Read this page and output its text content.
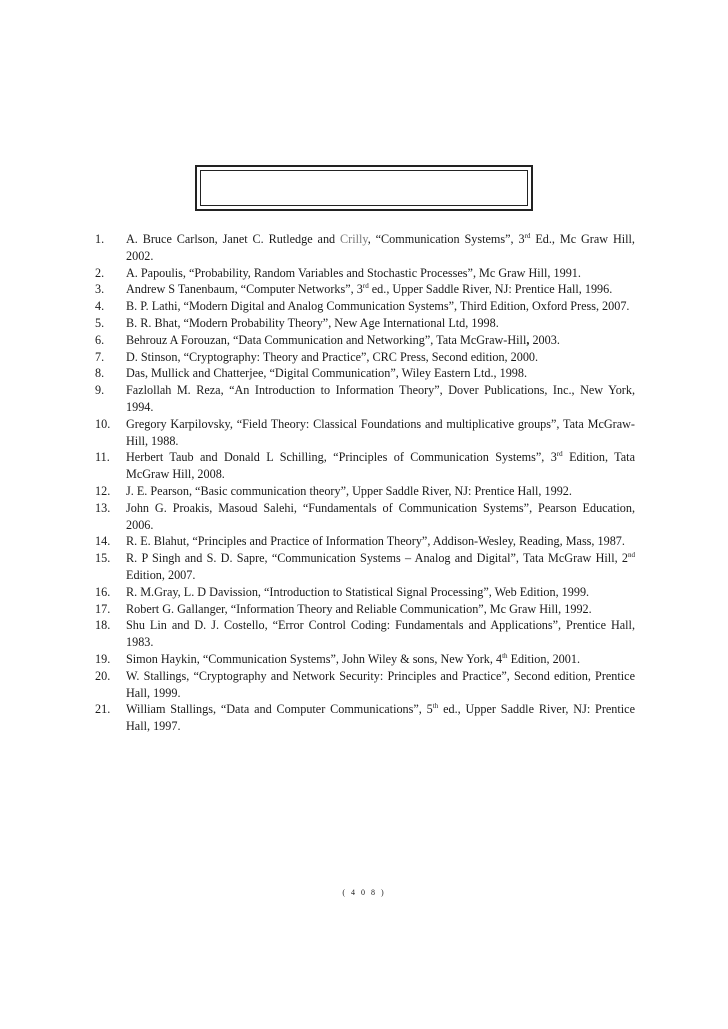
1. A. Bruce Carlson, Janet C. Rutledge and Crilly, “Communication Systems”, 3rd Ed., Mc Graw Hill, 2002.
2. A. Papoulis, “Probability, Random Variables and Stochastic Processes”, Mc Graw Hill, 1991.
3. Andrew S Tanenbaum, “Computer Networks”, 3rd ed., Upper Saddle River, NJ: Prentice Hall, 1996.
4. B. P. Lathi, “Modern Digital and Analog Communication Systems”, Third Edition, Oxford Press, 2007.
5. B. R. Bhat, “Modern Probability Theory”, New Age International Ltd, 1998.
6. Behrouz A Forouzan, “Data Communication and Networking”, Tata McGraw-Hill, 2003.
7. D. Stinson, “Cryptography: Theory and Practice”, CRC Press, Second edition, 2000.
8. Das, Mullick and Chatterjee, “Digital Communication”, Wiley Eastern Ltd., 1998.
9. Fazlollah M. Reza, “An Introduction to Information Theory”, Dover Publications, Inc., New York, 1994.
10. Gregory Karpilovsky, “Field Theory: Classical Foundations and multiplicative groups”, Tata McGraw-Hill, 1988.
11. Herbert Taub and Donald L Schilling, “Principles of Communication Systems”, 3rd Edition, Tata McGraw Hill, 2008.
12. J. E. Pearson, “Basic communication theory”, Upper Saddle River, NJ: Prentice Hall, 1992.
13. John G. Proakis, Masoud Salehi, “Fundamentals of Communication Systems”, Pearson Education, 2006.
14. R. E. Blahut, “Principles and Practice of Information Theory”, Addison-Wesley, Reading, Mass, 1987.
15. R. P Singh and S. D. Sapre, “Communication Systems – Analog and Digital”, Tata McGraw Hill, 2nd Edition, 2007.
16. R. M.Gray, L. D Davission, “Introduction to Statistical Signal Processing”, Web Edition, 1999.
17. Robert G. Gallanger, “Information Theory and Reliable Communication”, Mc Graw Hill, 1992.
18. Shu Lin and D. J. Costello, “Error Control Coding: Fundamentals and Applications”, Prentice Hall, 1983.
19. Simon Haykin, “Communication Systems”, John Wiley & sons, New York, 4th Edition, 2001.
20. W. Stallings, “Cryptography and Network Security: Principles and Practice”, Second edition, Prentice Hall, 1999.
21. William Stallings, “Data and Computer Communications”, 5th ed., Upper Saddle River, NJ: Prentice Hall, 1997.
( 4 0 8 )
